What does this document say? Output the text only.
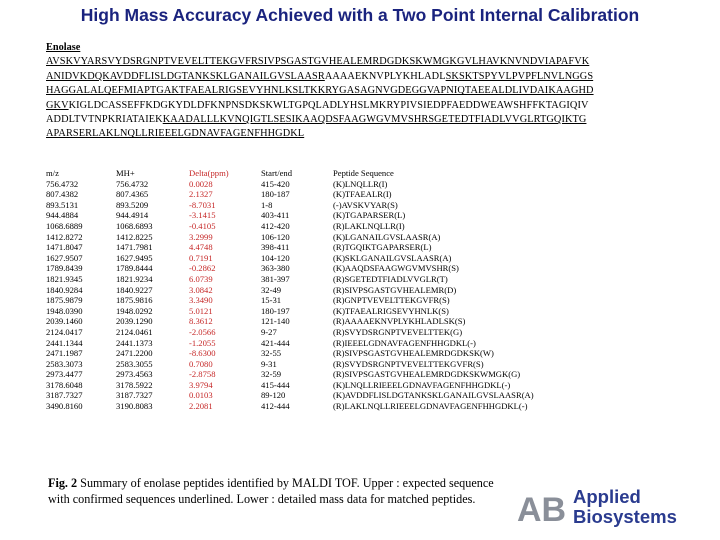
High Mass Accuracy Achieved with a Two Point Internal Calibration
Enolase
AVSKVYARSVYDSRGNPTVEVELTTEKGVFRSIVPSGASTGVHEALEMRDGDKSKWMGKGVLHAVKNVNDVIAPAFVK
ANIDVKDQKAVDDFLISLDGTANKSKLGANAILGVSLAASRAAAAEKNVPLYKHLADLSKSKTSPYVLPVPFLNVLNGGS
HAGGALALQEFMIAPTGAKTFAEALRIGSEVYHNLKSLTKKRYGASAGNVGDEGGVAPNIQTAEEALDLIVDAIKAAGHD
GKVKIGLDCASSEFFKDGKYDLDFKNPNSDKSKWLTGPQLADLYHSLMKRYPIVSIEDPFAEDDWEAWSHFFKTAGIQIV
ADDLTVTNPKRIATAIEKKAADALLLKVNQIGTLSESIKAAQDSFAAGWGVMVSHRSGETEDTFIADLVVGLRTGQIKTG
APARSERLAKLNQLLRIEEELGDNAVFAGENFHHGDKL
m/z	MH+	Delta(ppm)	Start/end	Peptide Sequence
756.4732	756.4732	0.0028	415-420	(K)LNQLLR(I)
807.4382	807.4365	2.1327	180-187	(K)TFAEALR(I)
893.5131	893.5209	-8.7031	1-8	(-)AVSKVYAR(S)
944.4884	944.4914	-3.1415	403-411	(K)TGAPARSER(L)
1068.6889	1068.6893	-0.4105	412-420	(R)LAKLNQLLR(I)
1412.8272	1412.8225	3.2999	106-120	(K)LGANAILGVSLAASR(A)
1471.8047	1471.7981	4.4748	398-411	(R)TGQIKTGAPARSER(L)
1627.9507	1627.9495	0.7191	104-120	(K)SKLGANAILGVSLAASR(A)
1789.8439	1789.8444	-0.2862	363-380	(K)AAQDSFAAGWGVMVSHR(S)
1821.9345	1821.9234	6.0739	381-397	(R)SGETEDTFIADLVVGLR(T)
1840.9284	1840.9227	3.0842	32-49	(R)SIVPSGASTGVHEALEMR(D)
1875.9879	1875.9816	3.3490	15-31	(R)GNPTVEVELTTEKGVFR(S)
1948.0390	1948.0292	5.0121	180-197	(K)TFAEALRIGSEVYHNLK(S)
2039.1460	2039.1290	8.3612	121-140	(R)AAAAEKNVPLYKHLADLSK(S)
2124.0417	2124.0461	-2.0566	9-27	(R)SVYDSRGNPTVEVELTTEK(G)
2441.1344	2441.1373	-1.2055	421-444	(R)IEEELGDNAVFAGENFHHGDKL(-)
2471.1987	2471.2200	-8.6300	32-55	(R)SIVPSGASTGVHEALEMRDGDKSK(W)
2583.3073	2583.3055	0.7080	9-31	(R)SVYDSRGNPTVEVELTTEKGVFR(S)
2973.4477	2973.4563	-2.8758	32-59	(R)SIVPSGASTGVHEALEMRDGDKSKWMGK(G)
3178.6048	3178.5922	3.9794	415-444	(K)LNQLLRIEEELGDNAVFAGENFHHGDKL(-)
3187.7327	3187.7327	0.0103	89-120	(K)AVDDFLISLDGTANKSKLGANAILGVSLAASR(A)
3490.8160	3190.8083	2.2081	412-444	(R)LAKLNQLLRIEEELGDNAVFAGENFHHGDKL(-)
Fig. 2 Summary of enolase peptides identified by MALDI TOF. Upper : expected sequence with confirmed sequences underlined. Lower : detailed mass data for matched peptides.	AB Applied
Biosystems
